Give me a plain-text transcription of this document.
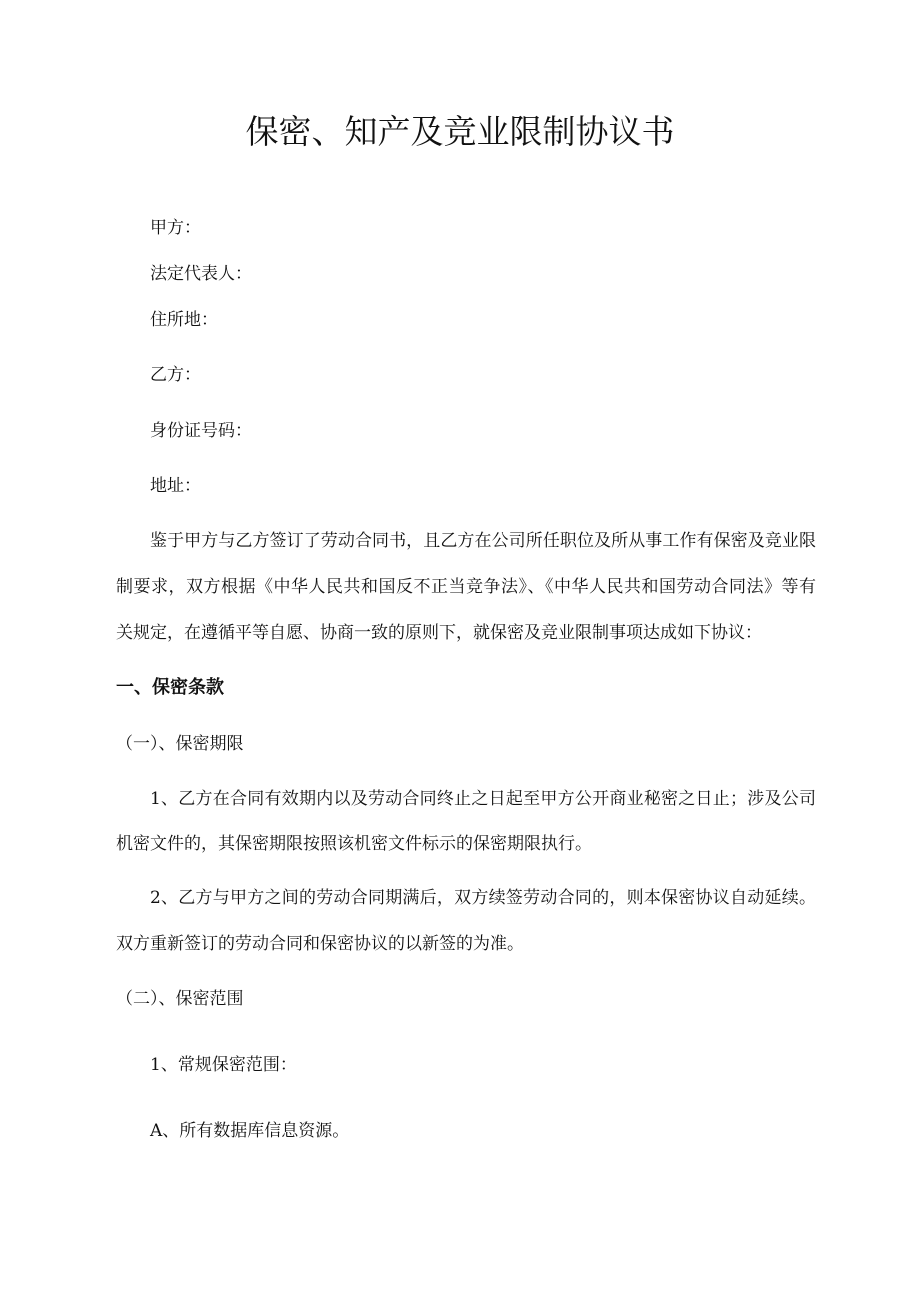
保密、知产及竞业限制协议书

甲方：

法定代表人：

住所地：

乙方：

身份证号码：

地址：

鉴于甲方与乙方签订了劳动合同书，且乙方在公司所任职位及所从事工作有保密及竞业限

制要求，双方根据《中华人民共和国反不正当竞争法》、《中华人民共和国劳动合同法》等有

关规定，在遵循平等自愿、协商一致的原则下，就保密及竞业限制事项达成如下协议：

一、保密条款

（一）、保密期限

1、乙方在合同有效期内以及劳动合同终止之日起至甲方公开商业秘密之日止；涉及公司

机密文件的，其保密期限按照该机密文件标示的保密期限执行。

2、乙方与甲方之间的劳动合同期满后，双方续签劳动合同的，则本保密协议自动延续。

双方重新签订的劳动合同和保密协议的以新签的为准。

（二）、保密范围

1、常规保密范围：

A、所有数据库信息资源。
